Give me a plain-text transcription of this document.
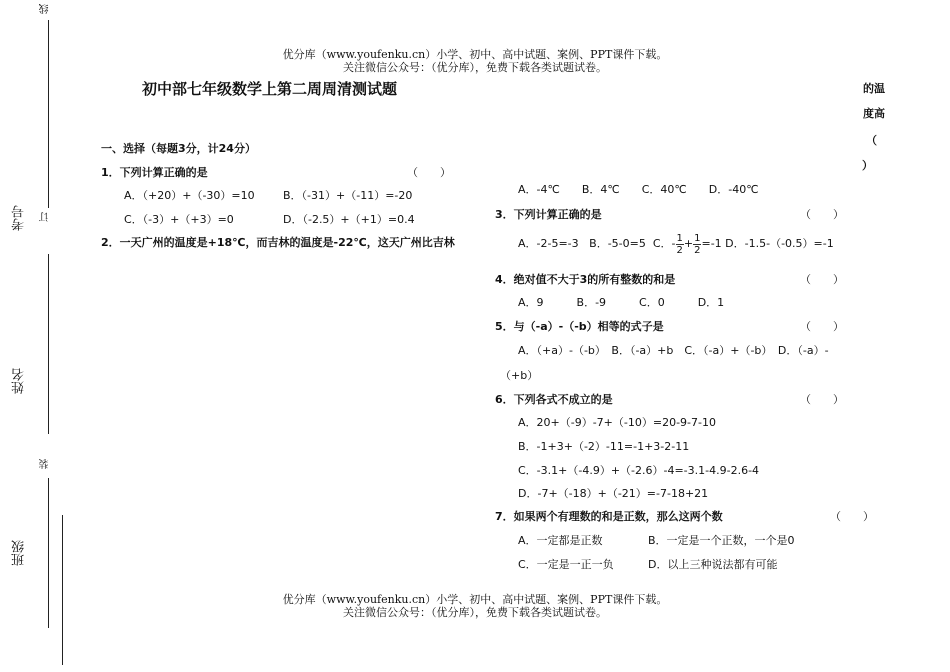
优分库（www.youfenku.cn）小学、初中、高中试题、案例、PPT课件下载。
关注微信公众号：（优分库），免费下载各类试题试卷。
线
订
装
考号
姓名
班级
初中部七年级数学上第二周周清测试题
一、选择（每题3分，计24分）
1．下列计算正确的是	（　　）
A．（+20）+（-30）=10	B．（-31）+（-11）=-20
C．（-3）+（+3）=0	D．（-2.5）+（+1）=0.4
2．一天广州的温度是+18℃，而吉林的温度是-22℃，这天广州比吉林
的温
度高
（
）
A．-4℃　　B．4℃　　C．40℃　　D．-40℃
3．下列计算正确的是	（　　）
A．-2-5=-3 B．-5-0=5 C．- $\frac{1}{2} + \frac{1}{2} =-1$ D．-1.5-（-0.5）=-1
4．绝对值不大于3的所有整数的和是	（　　）
A．9　　　B．-9　　　C．0　　　D．1
5．与（-a）-（-b）相等的式子是	（　　）
A．（+a）-（-b）　B．（-a）+b　C．（-a）+（-b）　D．（-a）-
（+b）
6．下列各式不成立的是	（　　）
A．20+（-9）-7+（-10）=20-9-7-10
B．-1+3+（-2）-11=-1+3-2-11
C．-3.1+（-4.9）+（-2.6）-4=-3.1-4.9-2.6-4
D．-7+（-18）+（-21）=-7-18+21
7．如果两个有理数的和是正数，那么这两个数	（　　）
A．一定都是正数	B．一定是一个正数，一个是0
C．一定是一正一负	D．以上三种说法都有可能
优分库（www.youfenku.cn）小学、初中、高中试题、案例、PPT课件下载。
关注微信公众号：（优分库），免费下载各类试题试卷。
